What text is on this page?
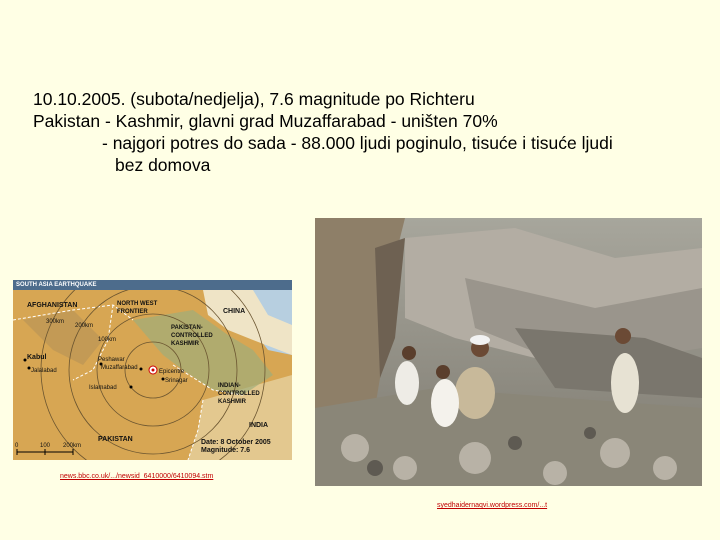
10.10.2005. (subota/nedjelja), 7.6 magnitude po Richteru
Pakistan - Kashmir, glavni grad Muzaffarabad - uništen 70%
- najgori potres do sada - 88.000 ljudi poginulo, tisuće i tisuće ljudi
bez domova
SOUTH ASIA EARTHQUAKE
AFGHANISTAN	NORTH WEST
FRONTIER	CHINA
PAKISTAN-
CONTROLLED
KASHMIR
INDIAN-
CONTROLLED
KASHMIR
PAKISTAN
INDIA
Kabul
Jalalabad
Peshawar
Muzaffarabad
Islamabad
Epicentre
Srinagar
300km
200km
100km
0	100 200km	Date: 8 October 2005
Magnitude: 7.6
news.bbc.co.uk/.../newsid_6410000/6410094.stm
syedhaidernaqvi.wordpress.com/...t
